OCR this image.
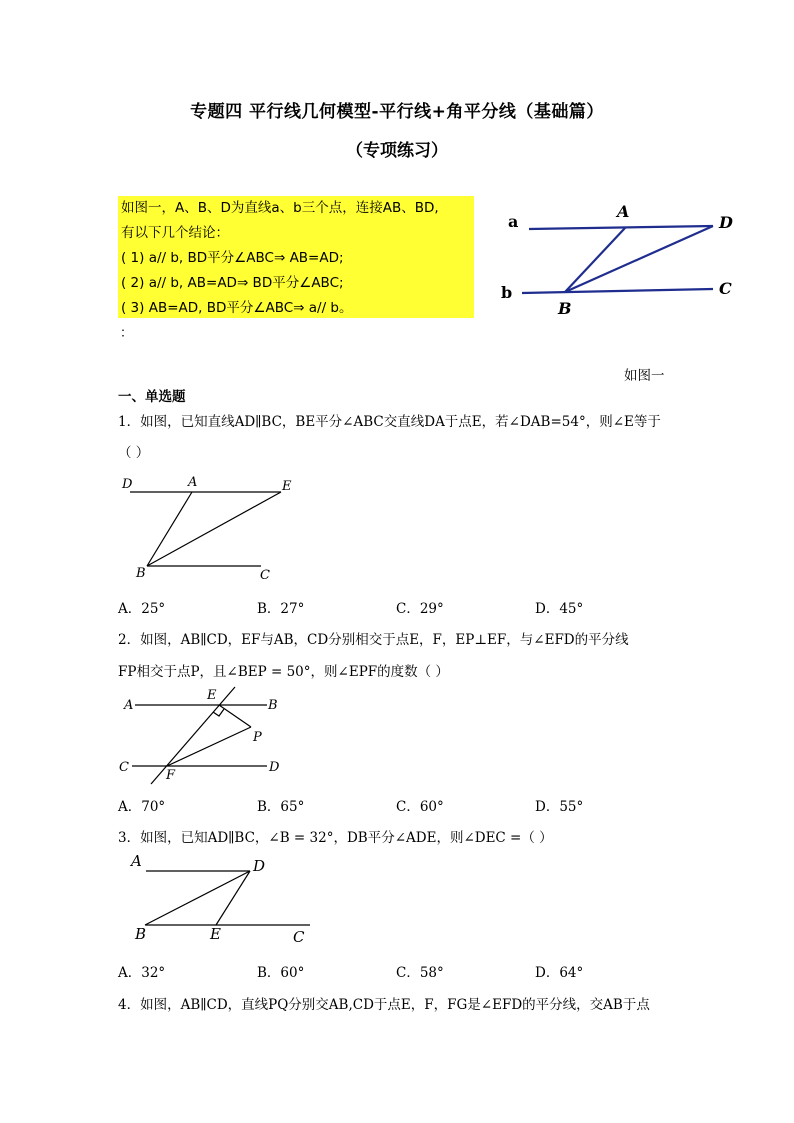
专题四 平行线几何模型-平行线+角平分线（基础篇）
（专项练习）
如图一，A、B、D为直线a、b三个点，连接AB、BD,
有以下几个结论：
( 1) a// b, BD平分∠ABC⇒ AB=AD;
( 2) a// b, AB=AD⇒ BD平分∠ABC;
( 3) AB=AD, BD平分∠ABC⇒ a// b。
：
a
b
A
D
C
B
如图一
一、单选题
1．如图，已知直线AD∥BC，BE平分∠ABC交直线DA于点E，若∠DAB=54°，则∠E等于
（ ）
D	A	E
B	C
A．25°	B．27°	C．29°	D．45°
2．如图，AB∥CD，EF与AB，CD分别相交于点E，F，EP⊥EF，与∠EFD的平分线
FP相交于点P，且∠BEP = 50°，则∠EPF的度数（ ）
A	B
E
P
C
F
D
A．70°	B．65°	C．60°	D．55°
3．如图，已知AD∥BC，∠B = 32°，DB平分∠ADE，则∠DEC =（ ）
A	D
B	E	C
A．32°	B．60°	C．58°	D．64°
4．如图，AB∥CD，直线PQ分别交AB,CD于点E，F，FG是∠EFD的平分线，交AB于点
